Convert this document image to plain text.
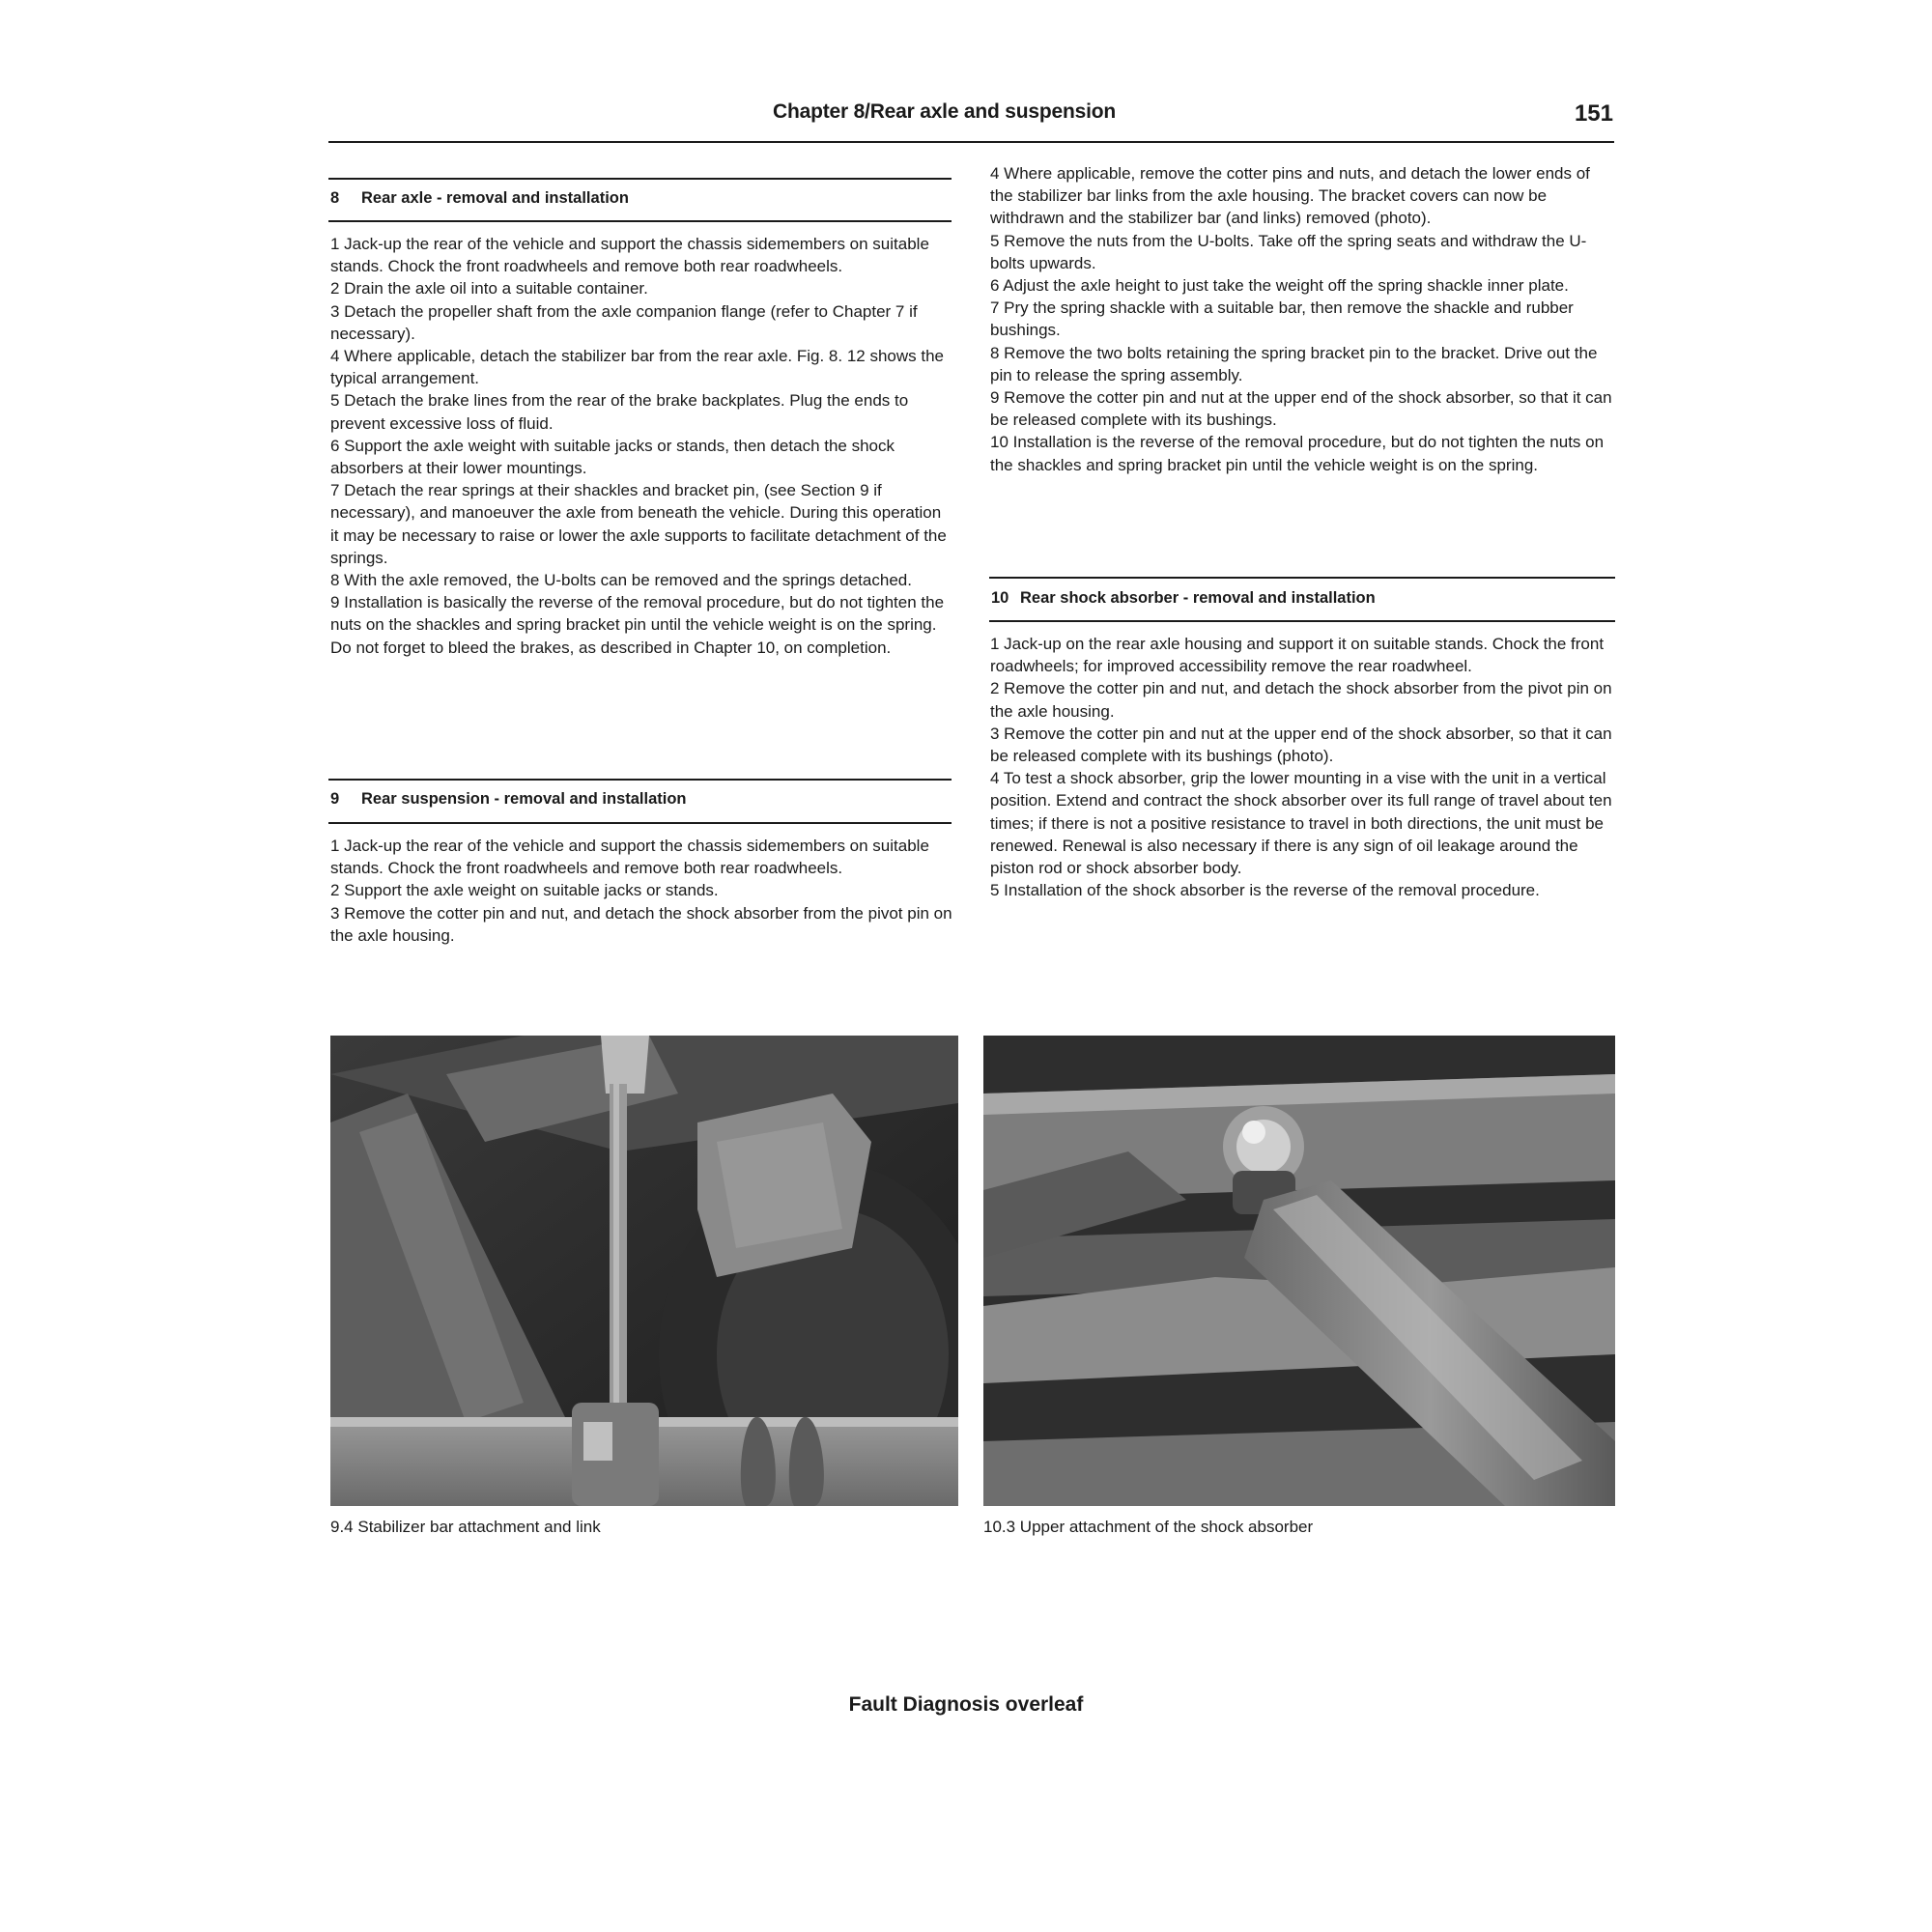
Chapter 8/Rear axle and suspension	151
8 Rear axle - removal and installation

1 Jack-up the rear of the vehicle and support the chassis sidemembers on suitable stands. Chock the front roadwheels and remove both rear roadwheels.

2 Drain the axle oil into a suitable container.

3 Detach the propeller shaft from the axle companion flange (refer to Chapter 7 if necessary).

4 Where applicable, detach the stabilizer bar from the rear axle. Fig. 8. 12 shows the typical arrangement.

5 Detach the brake lines from the rear of the brake backplates. Plug the ends to prevent excessive loss of fluid.

6 Support the axle weight with suitable jacks or stands, then detach the shock absorbers at their lower mountings.

7 Detach the rear springs at their shackles and bracket pin, (see Section 9 if necessary), and manoeuver the axle from beneath the vehicle. During this operation it may be necessary to raise or lower the axle supports to facilitate detachment of the springs.

8 With the axle removed, the U-bolts can be removed and the springs detached.

9 Installation is basically the reverse of the removal procedure, but do not tighten the nuts on the shackles and spring bracket pin until the vehicle weight is on the spring. Do not forget to bleed the brakes, as described in Chapter 10, on completion.

9 Rear suspension - removal and installation

1 Jack-up the rear of the vehicle and support the chassis sidemembers on suitable stands. Chock the front roadwheels and remove both rear roadwheels.

2 Support the axle weight on suitable jacks or stands.

3 Remove the cotter pin and nut, and detach the shock absorber from the pivot pin on the axle housing.

4 Where applicable, remove the cotter pins and nuts, and detach the lower ends of the stabilizer bar links from the axle housing. The bracket covers can now be withdrawn and the stabilizer bar (and links) removed (photo).

5 Remove the nuts from the U-bolts. Take off the spring seats and withdraw the U-bolts upwards.

6 Adjust the axle height to just take the weight off the spring shackle inner plate.

7 Pry the spring shackle with a suitable bar, then remove the shackle and rubber bushings.

8 Remove the two bolts retaining the spring bracket pin to the bracket. Drive out the pin to release the spring assembly.

9 Remove the cotter pin and nut at the upper end of the shock absorber, so that it can be released complete with its bushings.

10 Installation is the reverse of the removal procedure, but do not tighten the nuts on the shackles and spring bracket pin until the vehicle weight is on the spring.

10 Rear shock absorber - removal and installation

1 Jack-up on the rear axle housing and support it on suitable stands. Chock the front roadwheels; for improved accessibility remove the rear roadwheel.

2 Remove the cotter pin and nut, and detach the shock absorber from the pivot pin on the axle housing.

3 Remove the cotter pin and nut at the upper end of the shock absorber, so that it can be released complete with its bushings (photo).

4 To test a shock absorber, grip the lower mounting in a vise with the unit in a vertical position. Extend and contract the shock absorber over its full range of travel about ten times; if there is not a positive resistance to travel in both directions, the unit must be renewed. Renewal is also necessary if there is any sign of oil leakage around the piston rod or shock absorber body.

5 Installation of the shock absorber is the reverse of the removal procedure.

9.4 Stabilizer bar attachment and link	10.3 Upper attachment of the shock absorber
Fault Diagnosis overleaf
